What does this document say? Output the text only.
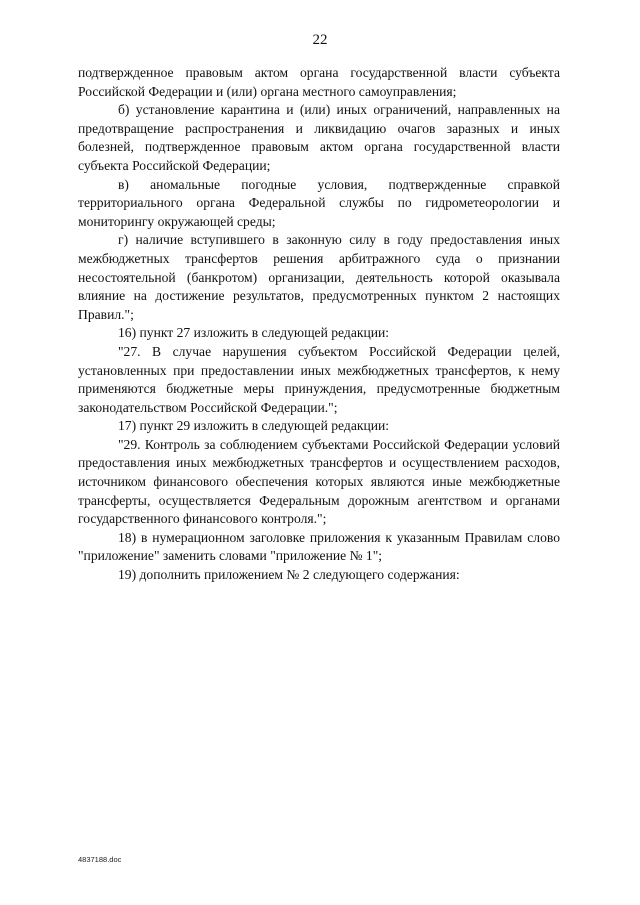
22

подтвержденное правовым актом органа государственной власти субъекта Российской Федерации и (или) органа местного самоуправления;

б) установление карантина и (или) иных ограничений, направленных на предотвращение распространения и ликвидацию очагов заразных и иных болезней, подтвержденное правовым актом органа государственной власти субъекта Российской Федерации;

в) аномальные погодные условия, подтвержденные справкой территориального органа Федеральной службы по гидрометеорологии и мониторингу окружающей среды;

г) наличие вступившего в законную силу в году предоставления иных межбюджетных трансфертов решения арбитражного суда о признании несостоятельной (банкротом) организации, деятельность которой оказывала влияние на достижение результатов, предусмотренных пунктом 2 настоящих Правил.";

16) пункт 27 изложить в следующей редакции:

"27. В случае нарушения субъектом Российской Федерации целей, установленных при предоставлении иных межбюджетных трансфертов, к нему применяются бюджетные меры принуждения, предусмотренные бюджетным законодательством Российской Федерации.";

17) пункт 29 изложить в следующей редакции:

"29. Контроль за соблюдением субъектами Российской Федерации условий предоставления иных межбюджетных трансфертов и осуществлением расходов, источником финансового обеспечения которых являются иные межбюджетные трансферты, осуществляется Федеральным дорожным агентством и органами государственного финансового контроля.";

18) в нумерационном заголовке приложения к указанным Правилам слово "приложение" заменить словами "приложение № 1";

19) дополнить приложением № 2 следующего содержания:

4837188.doc
